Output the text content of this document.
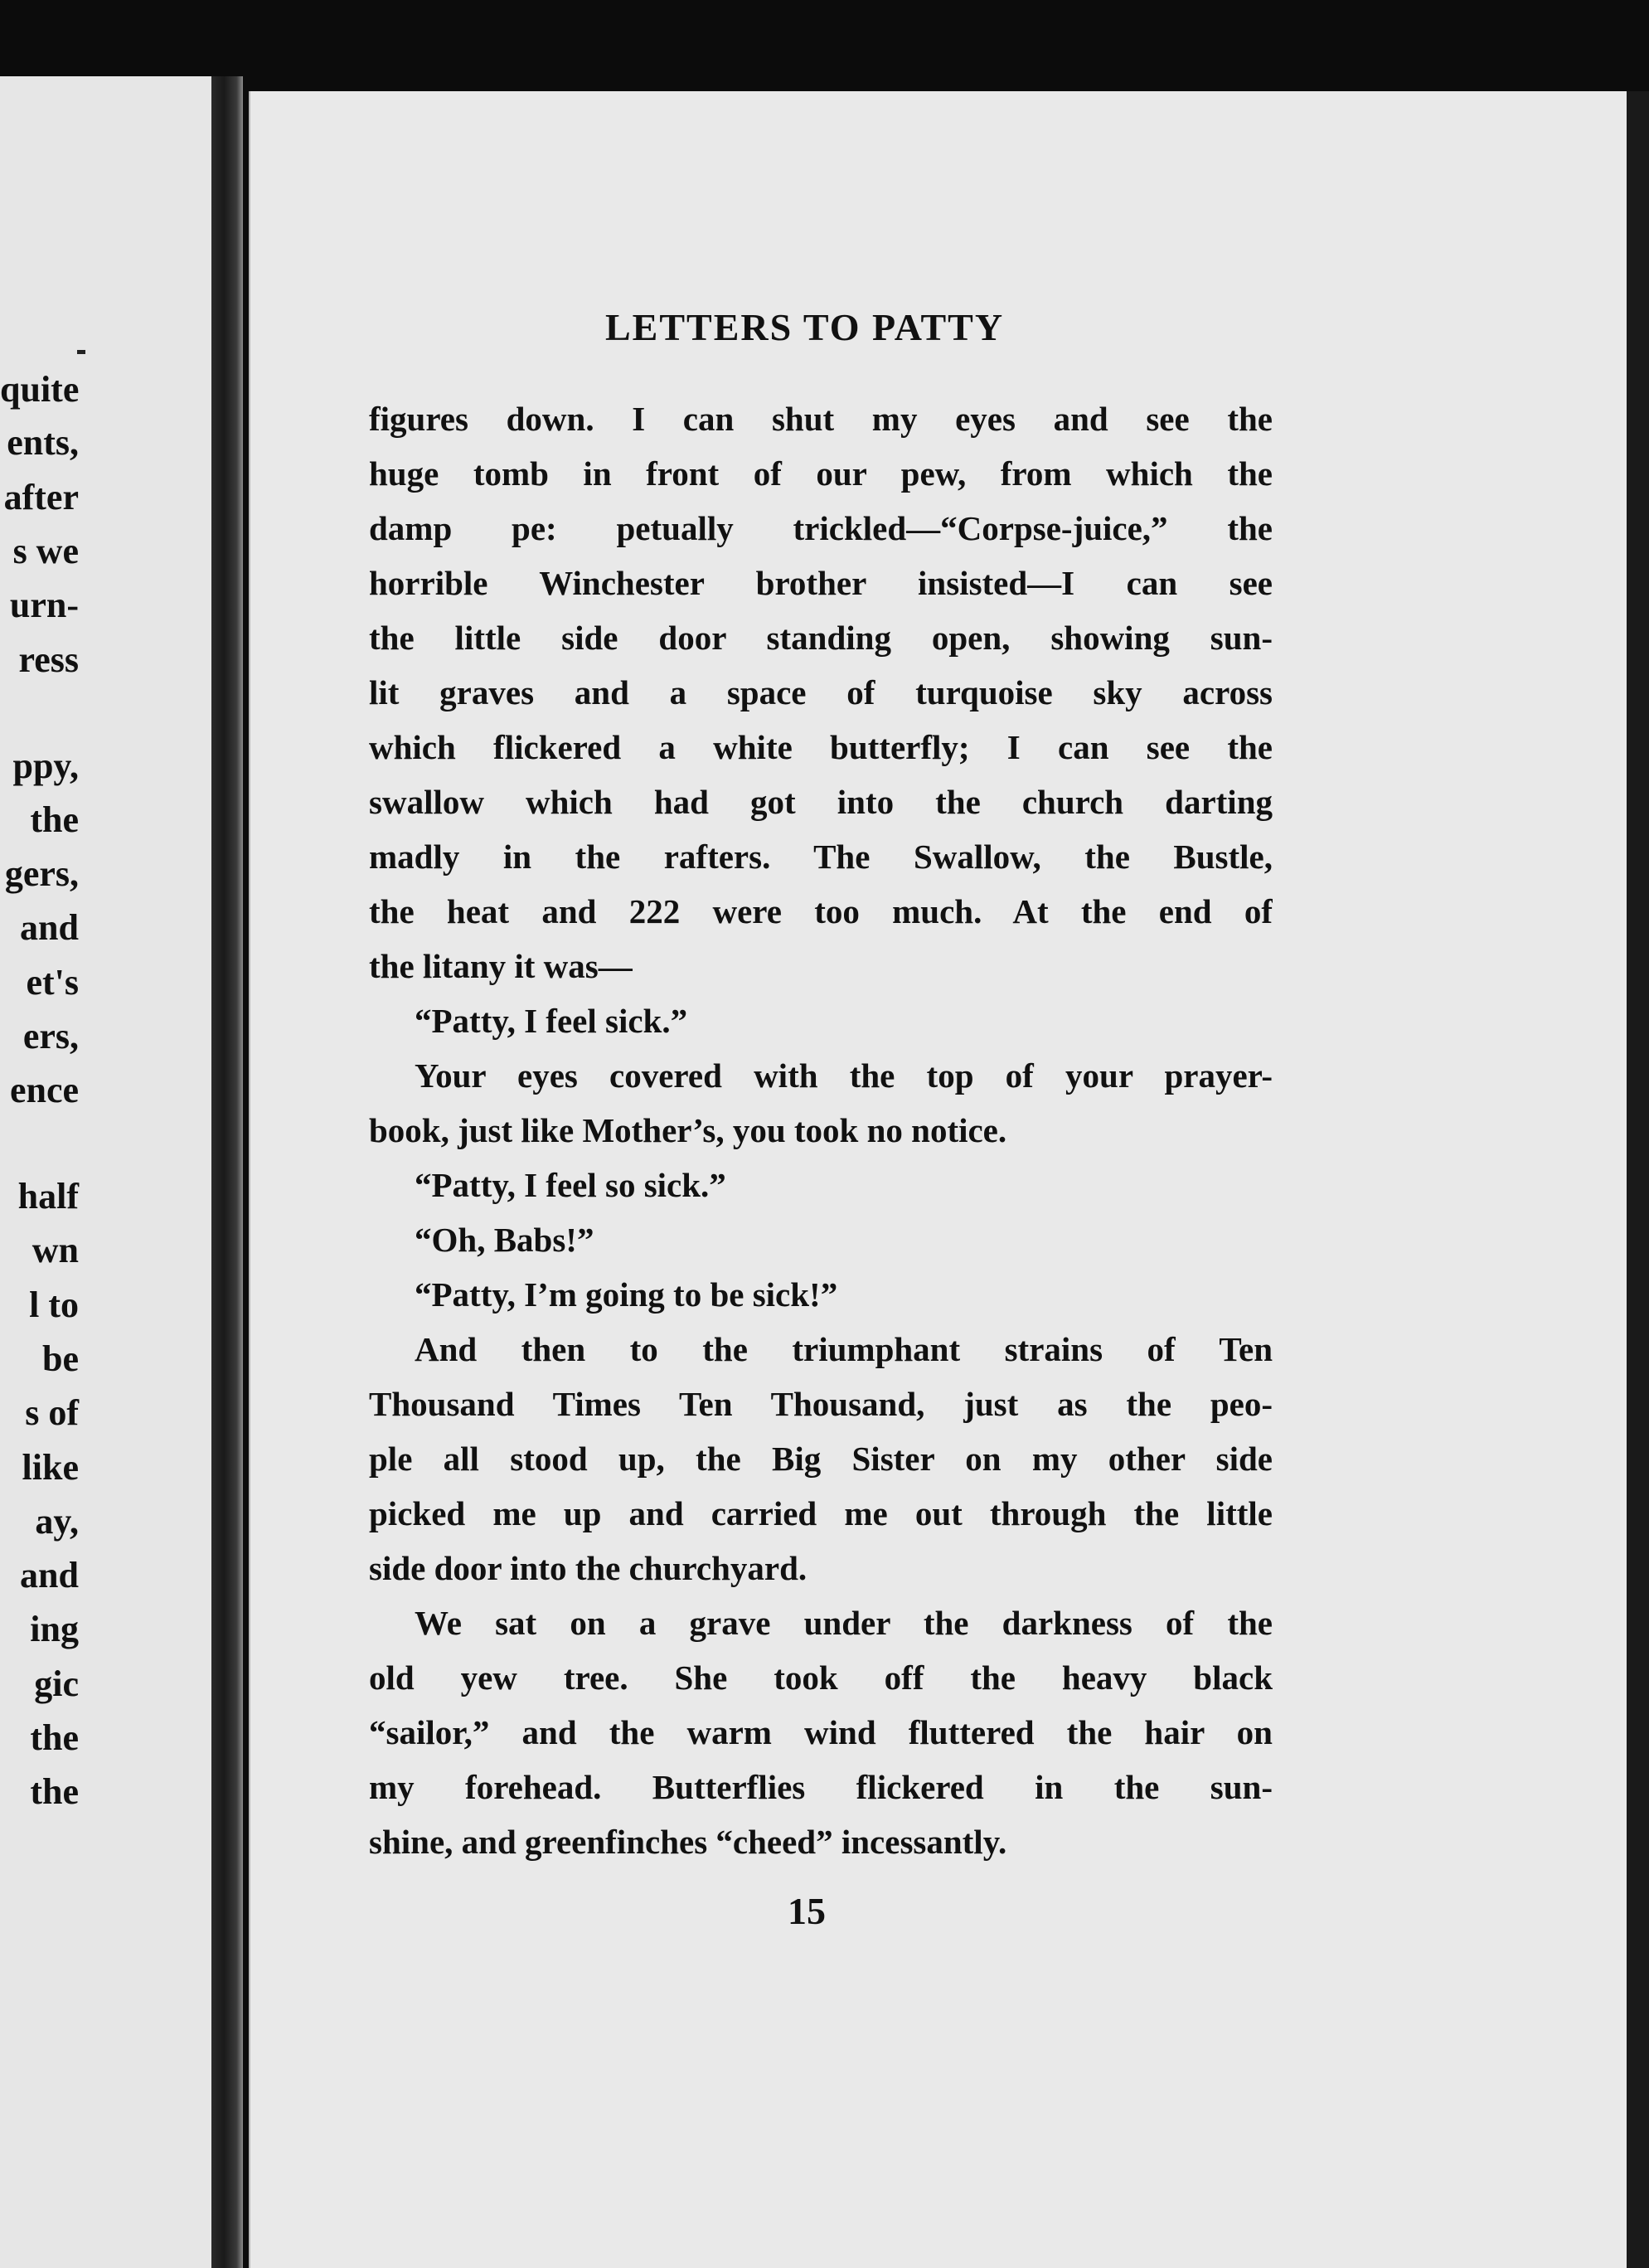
quite
ents,
after
s we
urn-
ress
ppy,
the
gers,
and
et's
ers,
ence
half
wn
l to
be
s of
like
ay,
and
ing
gic
the
the
LETTERS TO PATTY
figures down. I can shut my eyes and see the
huge tomb in front of our pew, from which the
damp pe: petually trickled—“Corpse-juice,” the
horrible Winchester brother insisted—I can see
the little side door standing open, showing sun-
lit graves and a space of turquoise sky across
which flickered a white butterfly; I can see the
swallow which had got into the church darting
madly in the rafters. The Swallow, the Bustle,
the heat and 222 were too much. At the end of
the litany it was—
“Patty, I feel sick.”
Your eyes covered with the top of your prayer-
book, just like Mother’s, you took no notice.
“Patty, I feel so sick.”
“Oh, Babs!”
“Patty, I’m going to be sick!”
And then to the triumphant strains of Ten
Thousand Times Ten Thousand, just as the peo-
ple all stood up, the Big Sister on my other side
picked me up and carried me out through the little
side door into the churchyard.
We sat on a grave under the darkness of the
old yew tree. She took off the heavy black
“sailor,” and the warm wind fluttered the hair on
my forehead. Butterflies flickered in the sun-
shine, and greenfinches “cheed” incessantly.
15
